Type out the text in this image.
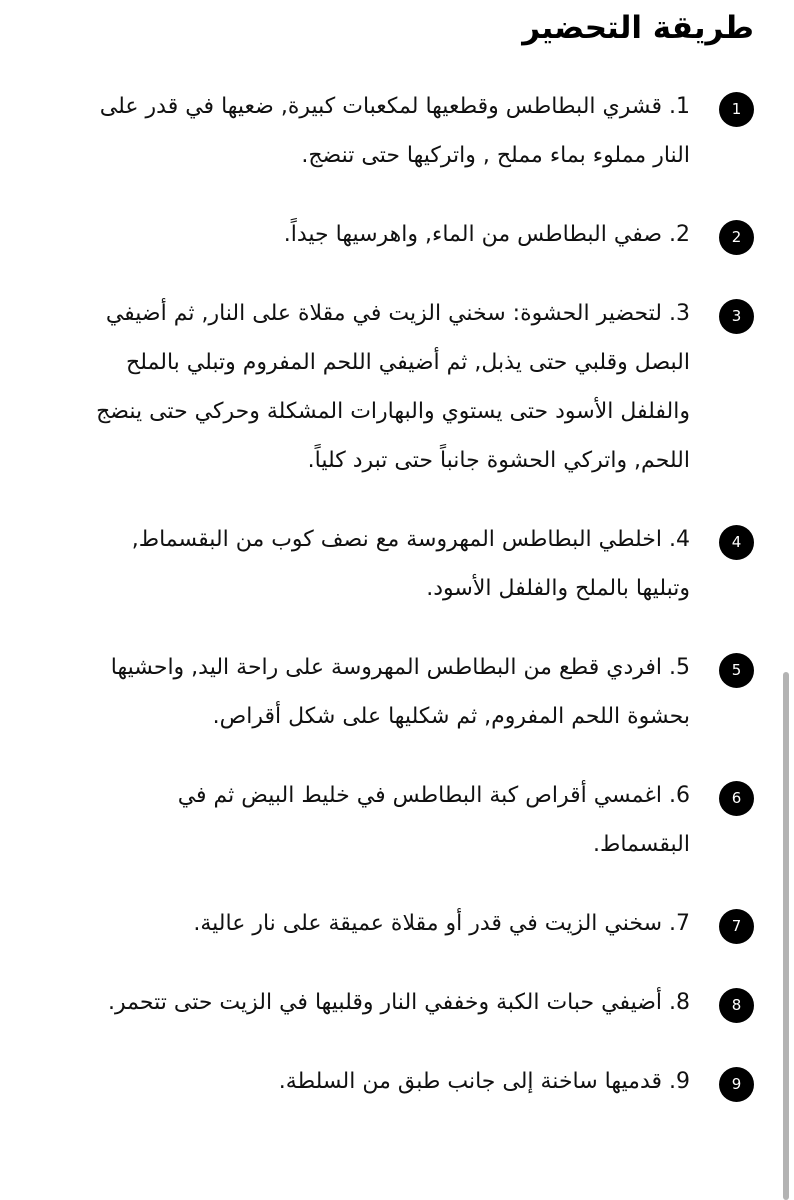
طريقة التحضير
1
1. قشري البطاطس وقطعيها لمكعبات كبيرة, ضعيها في قدر على النار مملوء بماء مملح , واتركيها حتى تنضج.
2
2. صفي البطاطس من الماء, واهرسيها جيداً.
3
3. لتحضير الحشوة: سخني الزيت في مقلاة على النار, ثم أضيفي البصل وقلبي حتى يذبل, ثم أضيفي اللحم المفروم وتبلي بالملح والفلفل الأسود حتى يستوي والبهارات المشكلة وحركي حتى ينضج اللحم, واتركي الحشوة جانباً حتى تبرد كلياً.
4
4. اخلطي البطاطس المهروسة مع نصف كوب من البقسماط, وتبليها بالملح والفلفل الأسود.
5
5. افردي قطع من البطاطس المهروسة على راحة اليد, واحشيها بحشوة اللحم المفروم, ثم شكليها على شكل أقراص.
6
6. اغمسي أقراص كبة البطاطس في خليط البيض ثم في البقسماط.
7
7. سخني الزيت في قدر أو مقلاة عميقة على نار عالية.
8
8. أضيفي حبات الكبة وخففي النار وقلبيها في الزيت حتى تتحمر.
9
9. قدميها ساخنة إلى جانب طبق من السلطة.
